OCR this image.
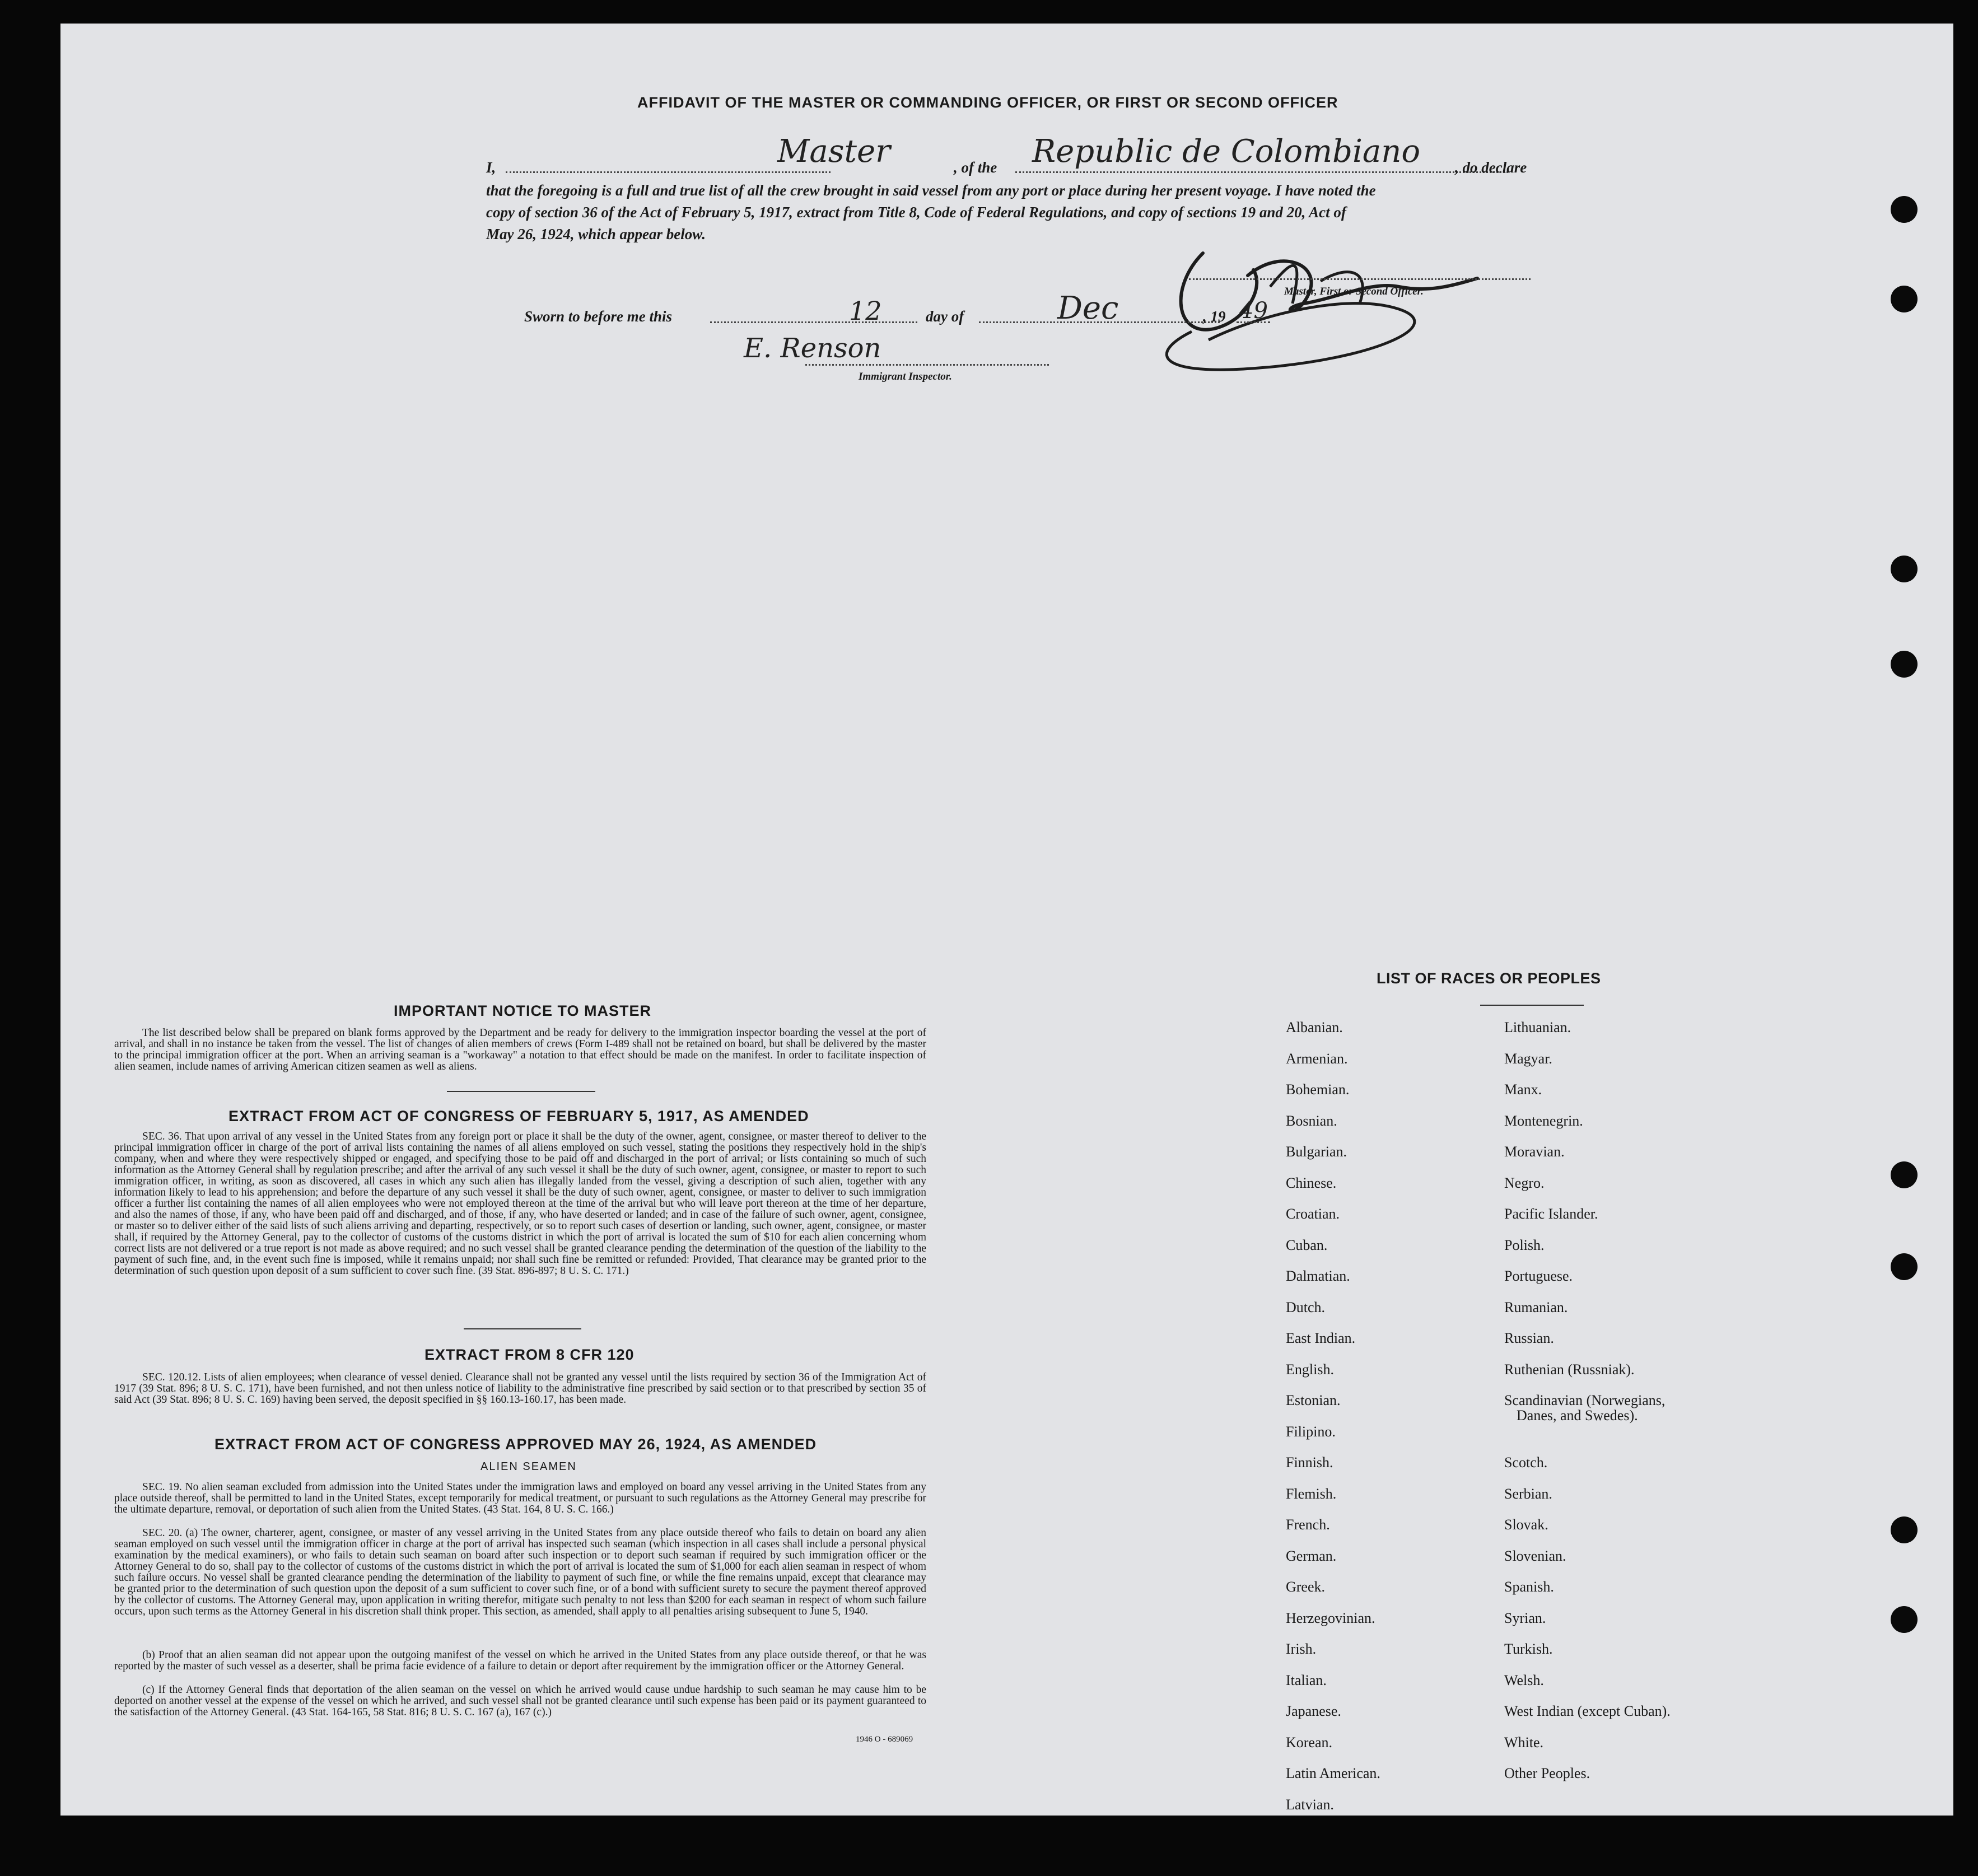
AFFIDAVIT OF THE MASTER OR COMMANDING OFFICER, OR FIRST OR SECOND OFFICER
I,	Master	, of the Republic de Colombiano , do declare
that the foregoing is a full and true list of all the crew brought in said vessel from any port or place during her present voyage. I have noted the
copy of section 36 of the Act of February 5, 1917, extract from Title 8, Code of Federal Regulations, and copy of sections 19 and 20, Act of
May 26, 1924, which appear below.
Master, First or Second Officer.
Sworn to before me this	12	day of	Dec	, 19 49
E. Renson
Immigrant Inspector.
IMPORTANT NOTICE TO MASTER
The list described below shall be prepared on blank forms approved by the Department and be ready for delivery to the immigration inspector boarding the vessel at the port of arrival, and shall in no instance be taken from the vessel. The list of changes of alien members of crews (Form I-489 shall not be retained on board, but shall be delivered by the master to the principal immigration officer at the port. When an arriving seaman is a "workaway" a notation to that effect should be made on the manifest. In order to facilitate inspection of alien seamen, include names of arriving American citizen seamen as well as aliens.
EXTRACT FROM ACT OF CONGRESS OF FEBRUARY 5, 1917, AS AMENDED
SEC. 36. That upon arrival of any vessel in the United States from any foreign port or place it shall be the duty of the owner, agent, consignee, or master thereof to deliver to the principal immigration officer in charge of the port of arrival lists containing the names of all aliens employed on such vessel, stating the positions they respectively hold in the ship's company, when and where they were respectively shipped or engaged, and specifying those to be paid off and discharged in the port of arrival; or lists containing so much of such information as the Attorney General shall by regulation prescribe; and after the arrival of any such vessel it shall be the duty of such owner, agent, consignee, or master to report to such immigration officer, in writing, as soon as discovered, all cases in which any such alien has illegally landed from the vessel, giving a description of such alien, together with any information likely to lead to his apprehension; and before the departure of any such vessel it shall be the duty of such owner, agent, consignee, or master to deliver to such immigration officer a further list containing the names of all alien employees who were not employed thereon at the time of the arrival but who will leave port thereon at the time of her departure, and also the names of those, if any, who have been paid off and discharged, and of those, if any, who have deserted or landed; and in case of the failure of such owner, agent, consignee, or master so to deliver either of the said lists of such aliens arriving and departing, respectively, or so to report such cases of desertion or landing, such owner, agent, consignee, or master shall, if required by the Attorney General, pay to the collector of customs of the customs district in which the port of arrival is located the sum of $10 for each alien concerning whom correct lists are not delivered or a true report is not made as above required; and no such vessel shall be granted clearance pending the determination of the question of the liability to the payment of such fine, and, in the event such fine is imposed, while it remains unpaid; nor shall such fine be remitted or refunded: Provided, That clearance may be granted prior to the determination of such question upon deposit of a sum sufficient to cover such fine. (39 Stat. 896-897; 8 U. S. C. 171.)
EXTRACT FROM 8 CFR 120
SEC. 120.12. Lists of alien employees; when clearance of vessel denied. Clearance shall not be granted any vessel until the lists required by section 36 of the Immigration Act of 1917 (39 Stat. 896; 8 U. S. C. 171), have been furnished, and not then unless notice of liability to the administrative fine prescribed by said section or to that prescribed by section 35 of said Act (39 Stat. 896; 8 U. S. C. 169) having been served, the deposit specified in §§ 160.13-160.17, has been made.
EXTRACT FROM ACT OF CONGRESS APPROVED MAY 26, 1924, AS AMENDED
ALIEN SEAMEN
SEC. 19. No alien seaman excluded from admission into the United States under the immigration laws and employed on board any vessel arriving in the United States from any place outside thereof, shall be permitted to land in the United States, except temporarily for medical treatment, or pursuant to such regulations as the Attorney General may prescribe for the ultimate departure, removal, or deportation of such alien from the United States. (43 Stat. 164, 8 U. S. C. 166.)
SEC. 20. (a) The owner, charterer, agent, consignee, or master of any vessel arriving in the United States from any place outside thereof who fails to detain on board any alien seaman employed on such vessel until the immigration officer in charge at the port of arrival has inspected such seaman (which inspection in all cases shall include a personal physical examination by the medical examiners), or who fails to detain such seaman on board after such inspection or to deport such seaman if required by such immigration officer or the Attorney General to do so, shall pay to the collector of customs of the customs district in which the port of arrival is located the sum of $1,000 for each alien seaman in respect of whom such failure occurs. No vessel shall be granted clearance pending the determination of the liability to payment of such fine, or while the fine remains unpaid, except that clearance may be granted prior to the determination of such question upon the deposit of a sum sufficient to cover such fine, or of a bond with sufficient surety to secure the payment thereof approved by the collector of customs. The Attorney General may, upon application in writing therefor, mitigate such penalty to not less than $200 for each seaman in respect of whom such failure occurs, upon such terms as the Attorney General in his discretion shall think proper. This section, as amended, shall apply to all penalties arising subsequent to June 5, 1940.
(b) Proof that an alien seaman did not appear upon the outgoing manifest of the vessel on which he arrived in the United States from any place outside thereof, or that he was reported by the master of such vessel as a deserter, shall be prima facie evidence of a failure to detain or deport after requirement by the immigration officer or the Attorney General.
(c) If the Attorney General finds that deportation of the alien seaman on the vessel on which he arrived would cause undue hardship to such seaman he may cause him to be deported on another vessel at the expense of the vessel on which he arrived, and such vessel shall not be granted clearance until such expense has been paid or its payment guaranteed to the satisfaction of the Attorney General. (43 Stat. 164-165, 58 Stat. 816; 8 U. S. C. 167 (a), 167 (c).)
1946 O - 689069
LIST OF RACES OR PEOPLES
Albanian.
Armenian.
Bohemian.
Bosnian.
Bulgarian.
Chinese.
Croatian.
Cuban.
Dalmatian.
Dutch.
East Indian.
English.
Estonian.
Filipino.
Finnish.
Flemish.
French.
German.
Greek.
Herzegovinian.
Irish.
Italian.
Japanese.
Korean.
Latin American.
Latvian.
Lithuanian.
Magyar.
Manx.
Montenegrin.
Moravian.
Negro.
Pacific Islander.
Polish.
Portuguese.
Rumanian.
Russian.
Ruthenian (Russniak).
Scandinavian (Norwegians,
Danes, and Swedes).
Scotch.
Serbian.
Slovak.
Slovenian.
Spanish.
Syrian.
Turkish.
Welsh.
West Indian (except Cuban).
White.
Other Peoples.
